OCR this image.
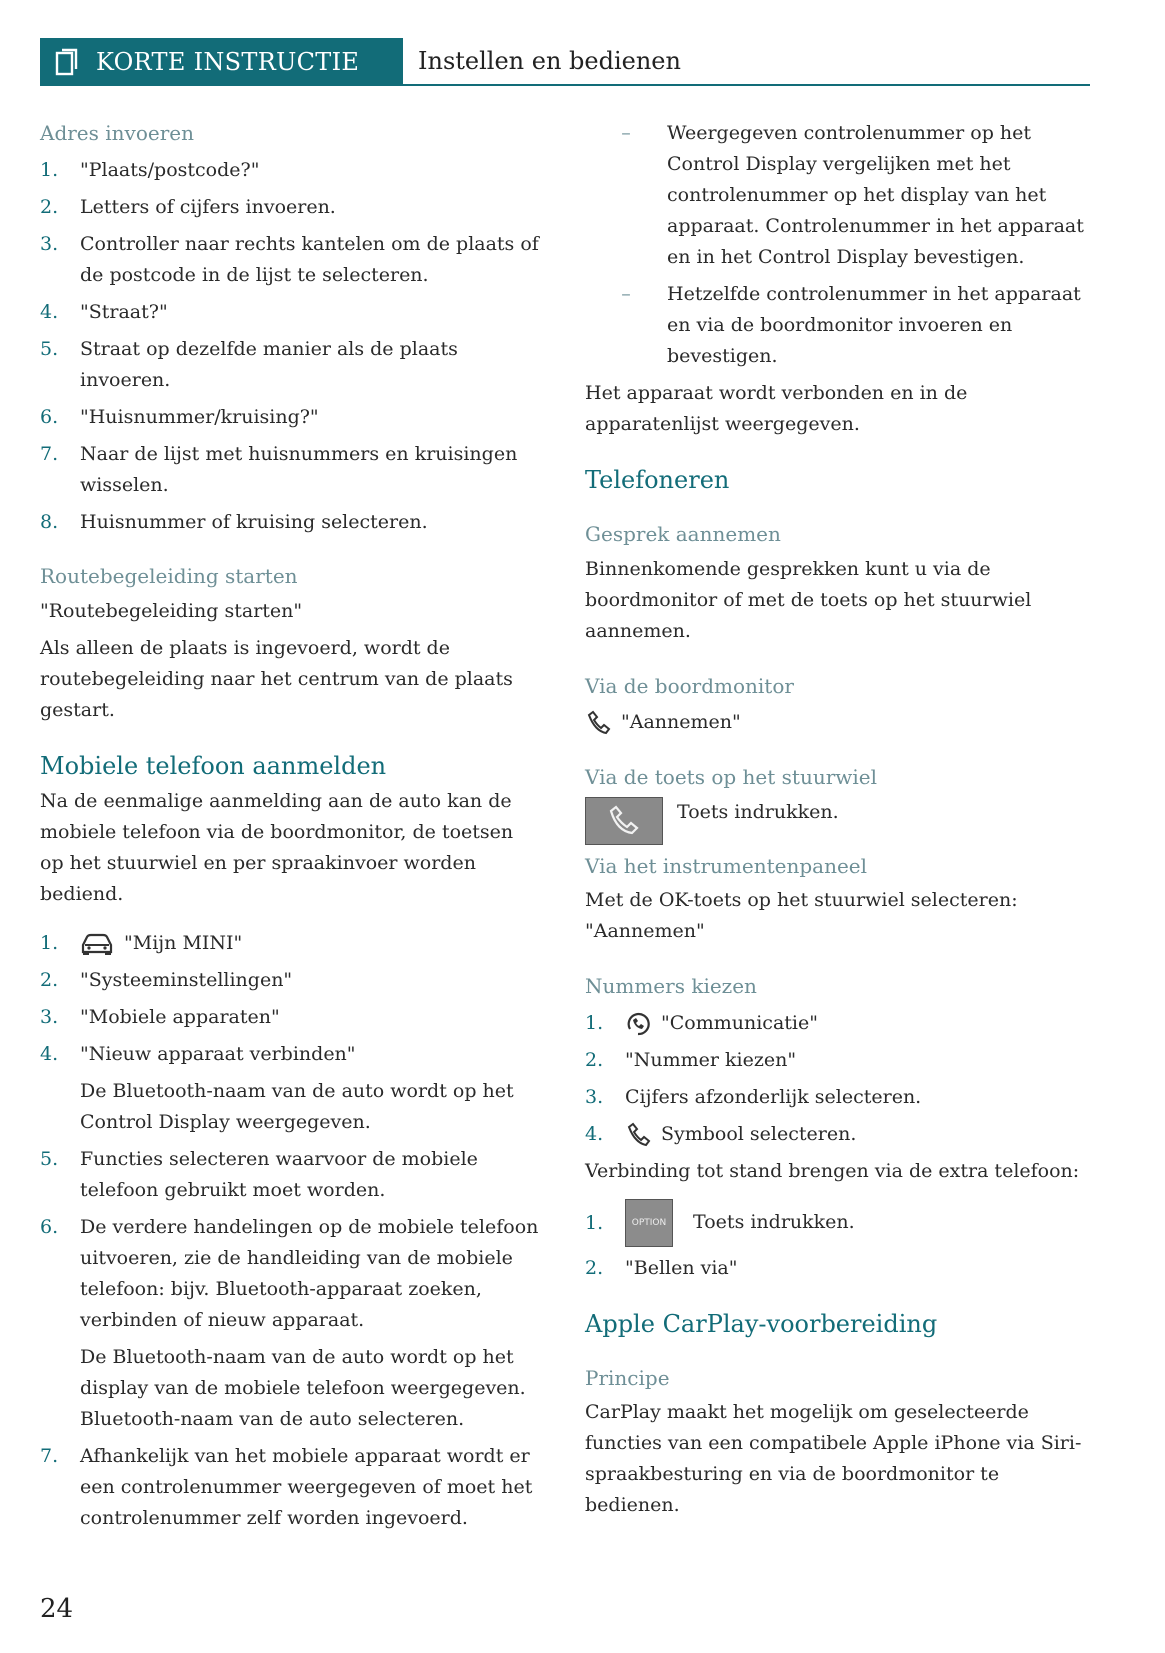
KORTE INSTRUCTIE Instellen en bedienen
Adres invoeren
1.	"Plaats/postcode?"
2.	Letters of cijfers invoeren.
3.	Controller naar rechts kantelen om de plaats of de postcode in de lijst te selecteren.
4.	"Straat?"
5.	Straat op dezelfde manier als de plaats invoeren.
6.	"Huisnummer/kruising?"
7.	Naar de lijst met huisnummers en kruisingen wisselen.
8.	Huisnummer of kruising selecteren.
Routebegeleiding starten

"Routebegeleiding starten"

Als alleen de plaats is ingevoerd, wordt de routebegeleiding naar het centrum van de plaats gestart.

Mobiele telefoon aanmelden

Na de eenmalige aanmelding aan de auto kan de mobiele telefoon via de boordmonitor, de toetsen op het stuurwiel en per spraakinvoer worden bediend.

1.	"Mijn MINI"
2.	"Systeeminstellingen"
3.	"Mobiele apparaten"
4.	"Nieuw apparaat verbinden"

De Bluetooth-naam van de auto wordt op het Control Display weergegeven.

5.	Functies selecteren waarvoor de mobiele telefoon gebruikt moet worden.
6.	De verdere handelingen op de mobiele telefoon uitvoeren, zie de handleiding van de mobiele telefoon: bijv. Bluetooth-apparaat zoeken, verbinden of nieuw apparaat.

De Bluetooth-naam van de auto wordt op het display van de mobiele telefoon weergegeven. Bluetooth-naam van de auto selecteren.

7.	Afhankelijk van het mobiele apparaat wordt er een controlenummer weergegeven of moet het controlenummer zelf worden ingevoerd.
–	Weergegeven controlenummer op het Control Display vergelijken met het controlenummer op het display van het apparaat. Controlenummer in het apparaat en in het Control Display bevestigen.
–	Hetzelfde controlenummer in het apparaat en via de boordmonitor invoeren en bevestigen.

Het apparaat wordt verbonden en in de apparatenlijst weergegeven.

Telefoneren
Gesprek aannemen

Binnenkomende gesprekken kunt u via de boordmonitor of met de toets op het stuurwiel aannemen.

Via de boordmonitor
"Aannemen"
Via de toets op het stuurwiel
Toets indrukken.
Via het instrumentenpaneel

Met de OK-toets op het stuurwiel selecteren: "Aannemen"

Nummers kiezen
1.	"Communicatie"
2.	"Nummer kiezen"
3.	Cijfers afzonderlijk selecteren.
4.	Symbool selecteren.

Verbinding tot stand brengen via de extra telefoon:

1.	OPTION Toets indrukken.
2.	"Bellen via"
Apple CarPlay-voorbereiding
Principe

CarPlay maakt het mogelijk om geselecteerde functies van een compatibele Apple iPhone via Siri-spraakbesturing en via de boordmonitor te bedienen.

24
